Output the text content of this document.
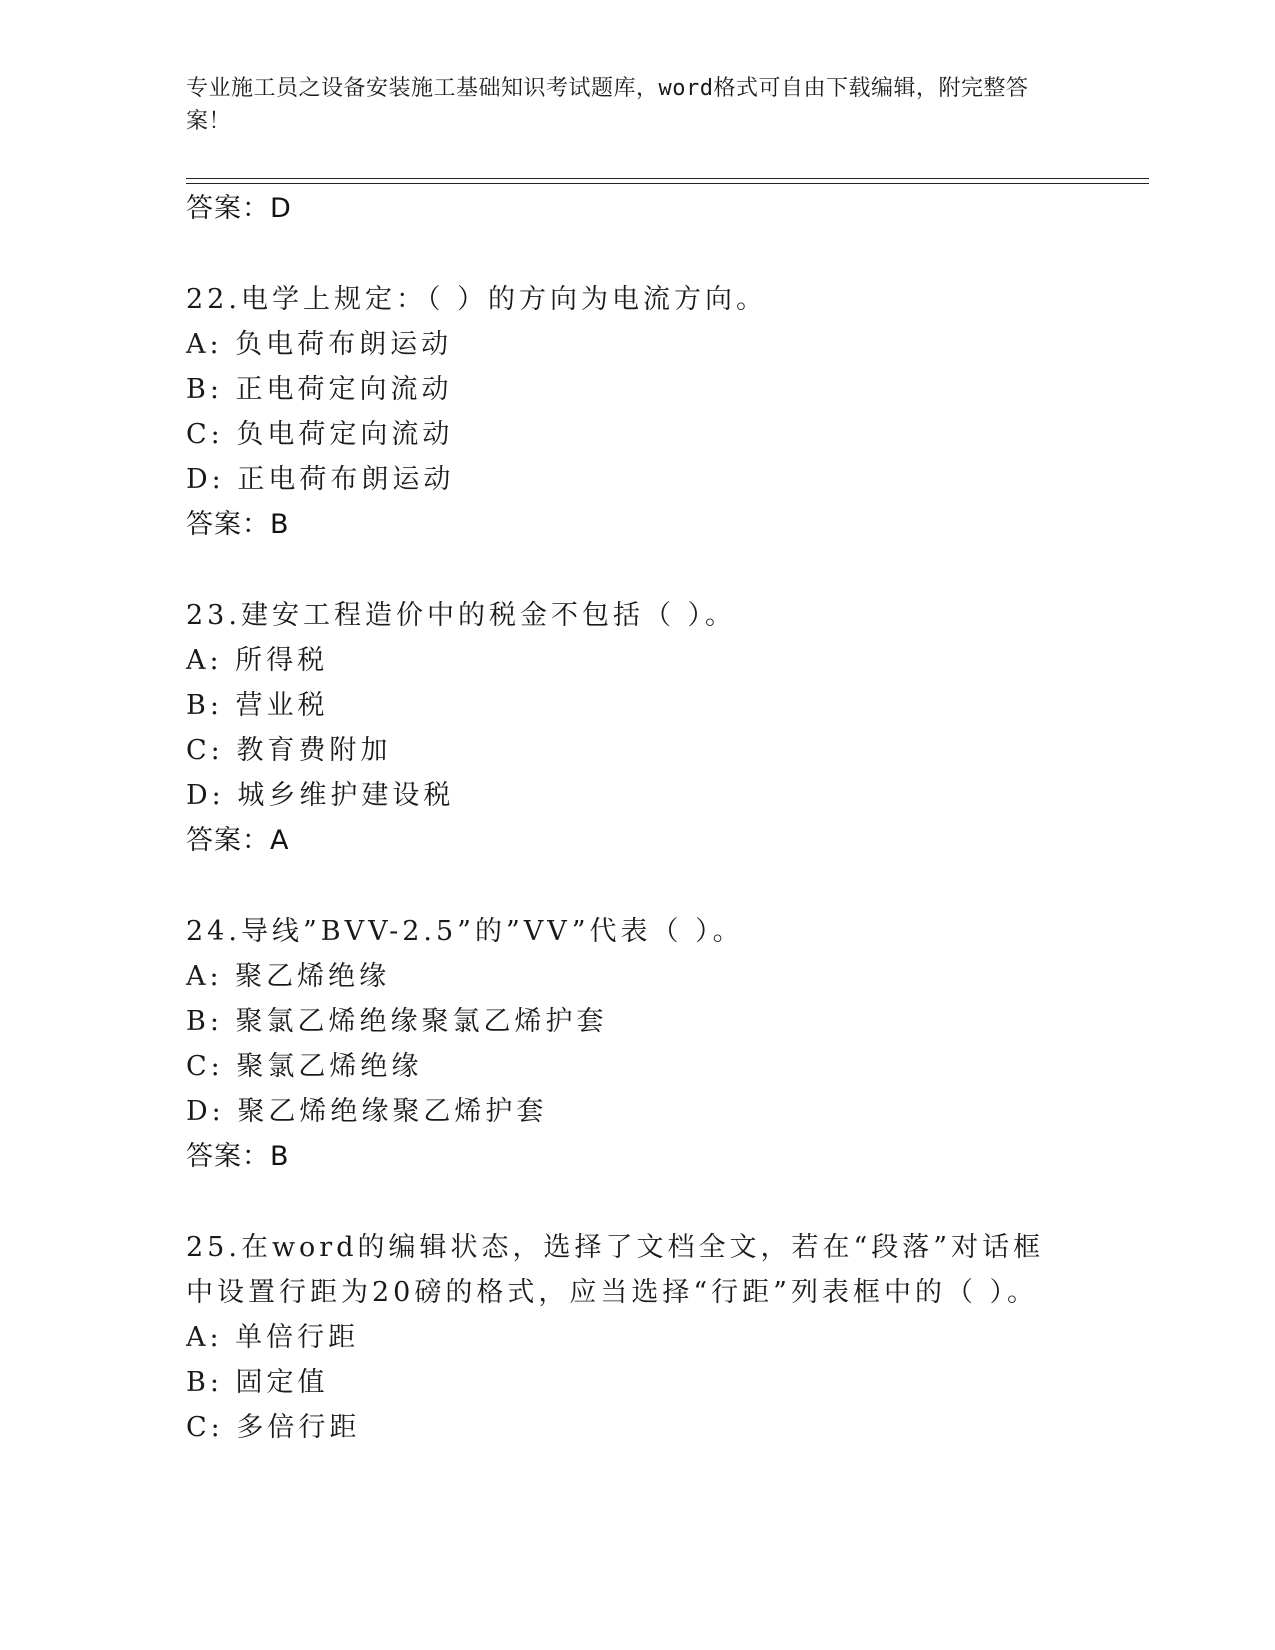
专业施工员之设备安装施工基础知识考试题库，word格式可自由下载编辑，附完整答案！
答案：D
22.电学上规定：（ ）的方向为电流方向。
A: 负电荷布朗运动
B: 正电荷定向流动
C: 负电荷定向流动
D: 正电荷布朗运动
答案：B
23.建安工程造价中的税金不包括（ ）。
A: 所得税
B: 营业税
C: 教育费附加
D: 城乡维护建设税
答案：A
24.导线”BVV-2.5”的”VV”代表（ ）。
A: 聚乙烯绝缘
B: 聚氯乙烯绝缘聚氯乙烯护套
C: 聚氯乙烯绝缘
D: 聚乙烯绝缘聚乙烯护套
答案：B
25.在word的编辑状态，选择了文档全文，若在“段落”对话框中设置行距为20磅的格式，应当选择“行距”列表框中的（ ）。
A: 单倍行距
B: 固定值
C: 多倍行距
